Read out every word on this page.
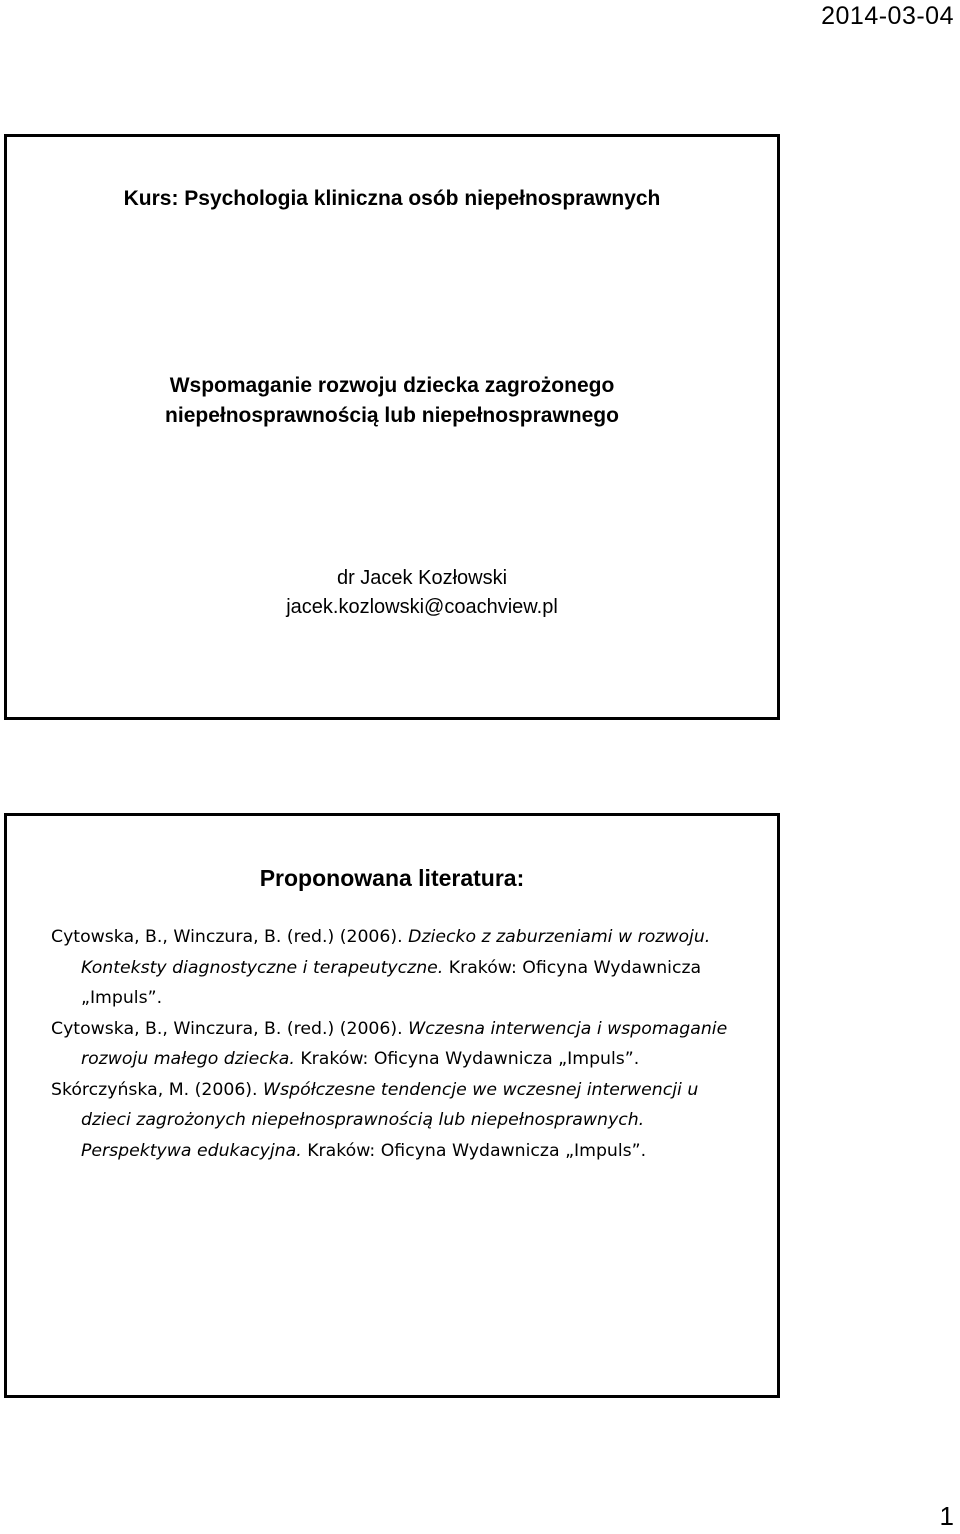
2014-03-04
Kurs: Psychologia kliniczna osób niepełnosprawnych
Wspomaganie rozwoju dziecka zagrożonego
niepełnosprawnością lub niepełnosprawnego
dr Jacek Kozłowski
jacek.kozlowski@coachview.pl
Proponowana literatura:
Cytowska, B., Winczura, B. (red.) (2006). Dziecko z zaburzeniami w rozwoju. Konteksty diagnostyczne i terapeutyczne. Kraków: Oficyna Wydawnicza „Impuls”.
Cytowska, B., Winczura, B. (red.) (2006). Wczesna interwencja i wspomaganie rozwoju małego dziecka. Kraków: Oficyna Wydawnicza „Impuls”.
Skórczyńska, M. (2006). Współczesne tendencje we wczesnej interwencji u dzieci zagrożonych niepełnosprawnością lub niepełnosprawnych. Perspektywa edukacyjna. Kraków: Oficyna Wydawnicza „Impuls”.
1
